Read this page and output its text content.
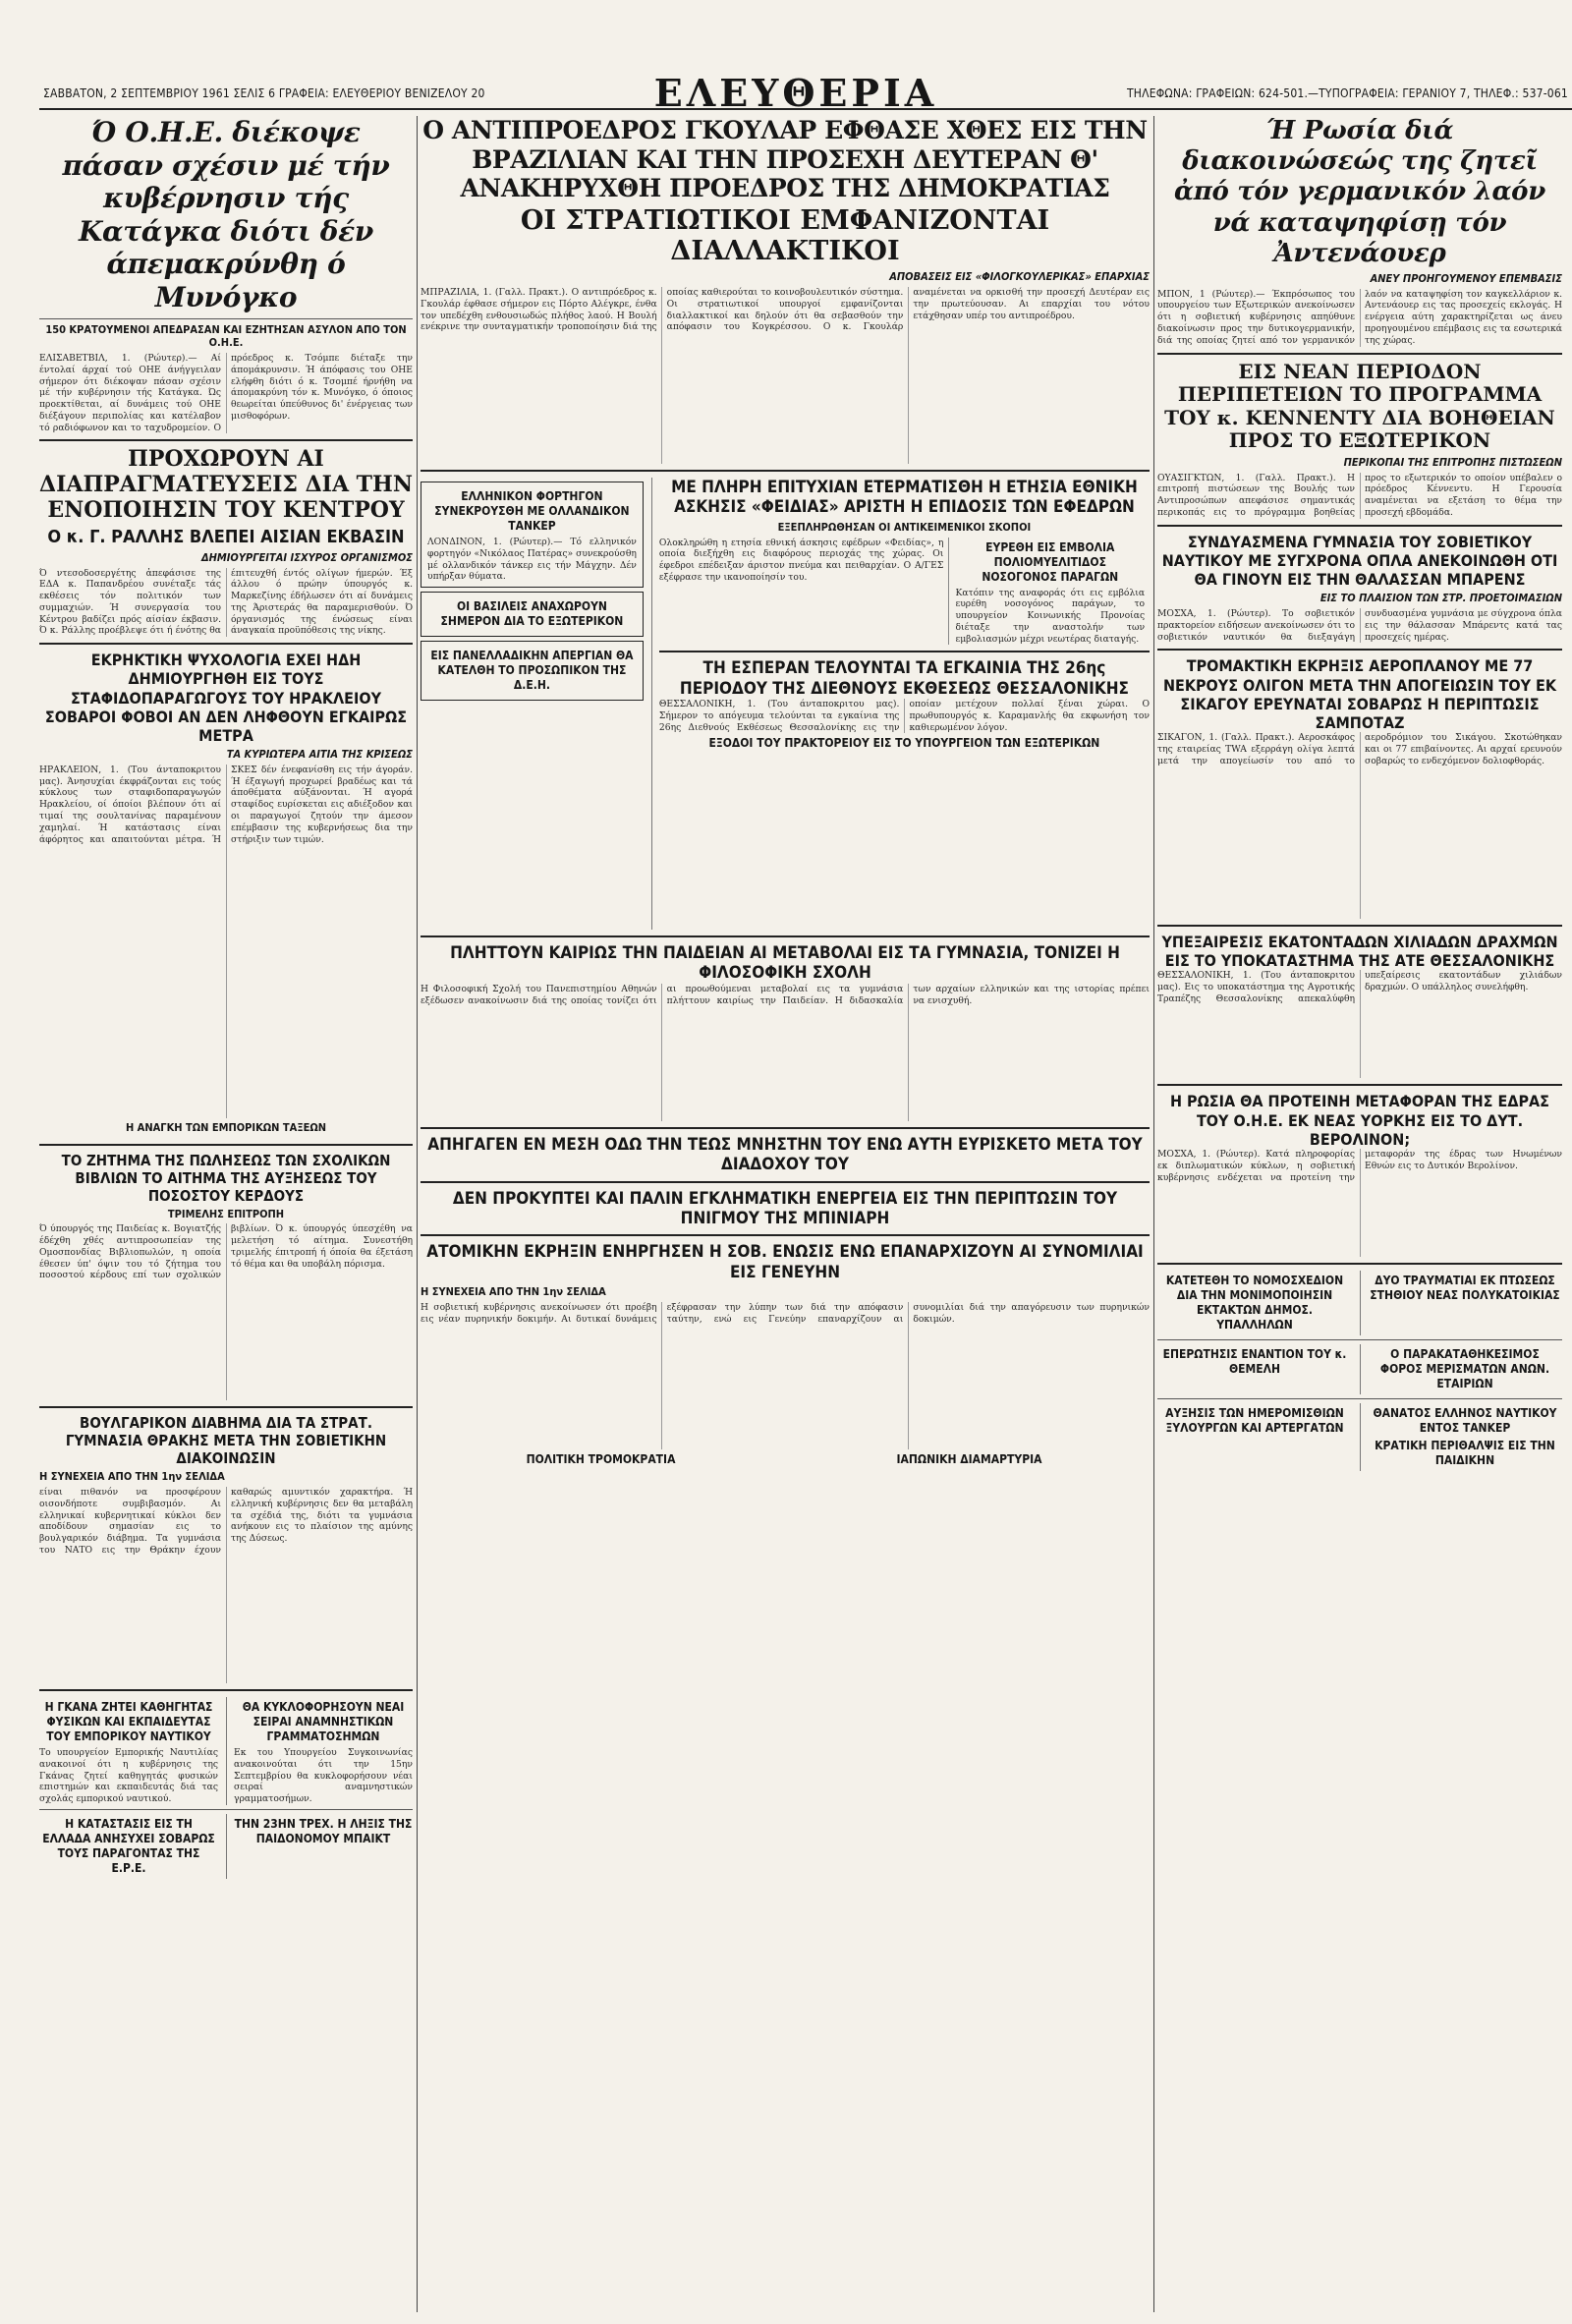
ΣΑΒΒΑΤΟΝ, 2 ΣΕΠΤΕΜΒΡΙΟΥ 1961 ΣΕΛΙΣ 6 ΓΡΑΦΕΙΑ: ΕΛΕΥΘΕΡΙΟΥ ΒΕΝΙΖΕΛΟΥ 20	ΕΛΕΥΘΕΡΙΑ	ΤΗΛΕΦΩΝΑ: ΓΡΑΦΕΙΩΝ: 624-501.—ΤΥΠΟΓΡΑΦΕΙΑ: ΓΕΡΑΝΙΟΥ 7, ΤΗΛΕΦ.: 537-061
Ό Ο.Η.Ε. διέκοψε πάσαν σχέσιν μέ τήν κυβέρνησιν τής Κατάγκα διότι δέν άπεμακρύνθη ό Μυνόγκο
150 ΚΡΑΤΟΥΜΕΝΟΙ ΑΠΕΔΡΑΣΑΝ ΚΑΙ ΕΖΗΤΗΣΑΝ ΑΣΥΛΟΝ ΑΠΟ ΤΟΝ Ο.Η.Ε.
ΕΛΙΣΑΒΕΤΒΙΛ, 1. (Ρώυτερ).— Αί έντολαί άρχαί τού ΟΗΕ άνήγγειλαν σήμερον ότι διέκοψαν πάσαν σχέσιν μέ τήν κυβέρνησιν τής Κατάγκα. Ώς προεκτίθεται, αί δυνάμεις τού ΟΗΕ διέξάγουν περιπολίας και κατέλαβον τό ραδιόφωνον και το ταχυδρομείον. Ο πρόεδρος κ. Τσόμπε διέταξε την άπομάκρυνσιν. Ή άπόφασις του ΟΗΕ ελήφθη διότι ό κ. Τσομπέ ήρνήθη να άπομακρύνη τόν κ. Μυνόγκο, ό όποιος θεωρείται ύπεύθυνος δι' ένέργειας των μισθοφόρων.
ΠΡΟΧΩΡΟΥΝ ΑΙ ΔΙΑΠΡΑΓΜΑΤΕΥΣΕΙΣ ΔΙΑ ΤΗΝ ΕΝΟΠΟΙΗΣΙΝ ΤΟΥ ΚΕΝΤΡΟΥ
Ο κ. Γ. ΡΑΛΛΗΣ ΒΛΕΠΕΙ ΑΙΣΙΑΝ ΕΚΒΑΣΙΝ
ΔΗΜΙΟΥΡΓΕΙΤΑΙ ΙΣΧΥΡΟΣ ΟΡΓΑΝΙΣΜΟΣ
Ό ντεσοδοσεργέτης ἀπεφάσισε της ΕΔΑ κ. Παπανδρέου συνέταξε τάς εκθέσεις τόν πολιτικόν των συμμαχιών. Ή συνεργασία του Κέντρου βαδίζει πρός αίσίαν έκβασιν. Ό κ. Ράλλης προέβλεψε ότι ή ένότης θα έπιτευχθή έντός ολίγων ήμερών. Έξ άλλου ό πρώην ύπουργός κ. Μαρκεζίνης έδήλωσεν ότι αί δυνάμεις της Άριστεράς θα παραμερισθούν. Ό όργανισμός της ένώσεως είναι άναγκαία προϋπόθεσις της νίκης.
ΕΚΡΗΚΤΙΚΗ ΨΥΧΟΛΟΓΙΑ ΕΧΕΙ ΗΔΗ ΔΗΜΙΟΥΡΓΗΘΗ ΕΙΣ ΤΟΥΣ ΣΤΑΦΙΔΟΠΑΡΑΓΩΓΟΥΣ ΤΟΥ ΗΡΑΚΛΕΙΟΥ ΣΟΒΑΡΟΙ ΦΟΒΟΙ ΑΝ ΔΕΝ ΛΗΦΘΟΥΝ ΕΓΚΑΙΡΩΣ ΜΕΤΡΑ
ΤΑ ΚΥΡΙΩΤΕΡΑ ΑΙΤΙΑ ΤΗΣ ΚΡΙΣΕΩΣ
ΗΡΑΚΛΕΙΟΝ, 1. (Του άνταποκριτου μας). Άνησυχίαι έκφράζονται εις τούς κύκλους των σταφιδοπαραγωγών Ηρακλείου, οί όποίοι βλέπουν ότι αί τιμαί της σουλτανίνας παραμένουν χαμηλαί. Ή κατάστασις είναι άφόρητος και απαιτούνται μέτρα. Ή ΣΚΕΣ δέν ένεφανίσθη εις τήν άγοράν. Ή έξαγωγή προχωρεί βραδέως και τά άποθέματα αύξάνονται. Ή αγορά σταφίδος ευρίσκεται εις αδιέξοδον και οι παραγωγοί ζητούν την άμεσον επέμβασιν της κυβερνήσεως δια την στήριξιν των τιμών.
Η ΑΝΑΓΚΗ ΤΩΝ ΕΜΠΟΡΙΚΩΝ ΤΑΞΕΩΝ
ΤΟ ΖΗΤΗΜΑ ΤΗΣ ΠΩΛΗΣΕΩΣ ΤΩΝ ΣΧΟΛΙΚΩΝ ΒΙΒΛΙΩΝ ΤΟ ΑΙΤΗΜΑ ΤΗΣ ΑΥΞΗΣΕΩΣ ΤΟΥ ΠΟΣΟΣΤΟΥ ΚΕΡΔΟΥΣ
ΤΡΙΜΕΛΗΣ ΕΠΙΤΡΟΠΗ
Ό ύπουργός της Παιδείας κ. Βογιατζής έδέχθη χθές αντιπροσωπείαν της Ομοσπονδίας Βιβλιοπωλών, η οποία έθεσεν ύπ' όψιν του τό ζήτημα του ποσοστού κέρδους επί των σχολικών βιβλίων. Ό κ. ύπουργός ύπεσχέθη να μελετήση τό αίτημα. Συνεστήθη τριμελής έπιτροπή ή όποία θα έξετάση τό θέμα και θα υποβάλη πόρισμα.
ΒΟΥΛΓΑΡΙΚΟΝ ΔΙΑΒΗΜΑ ΔΙΑ ΤΑ ΣΤΡΑΤ. ΓΥΜΝΑΣΙΑ ΘΡΑΚΗΣ ΜΕΤΑ ΤΗΝ ΣΟΒΙΕΤΙΚΗΝ ΔΙΑΚΟΙΝΩΣΙΝ
Η ΣΥΝΕΧΕΙΑ ΑΠΟ ΤΗΝ 1ην ΣΕΛΙΔΑ
είναι πιθανόν να προσφέρουν οισονδήποτε συμβιβασμόν. Αι ελληνικαί κυβερνητικαί κύκλοι δεν αποδίδουν σημασίαν εις το βουλγαρικόν διάβημα. Τα γυμνάσια του ΝΑΤΟ εις την Θράκην έχουν καθαρώς αμυντικόν χαρακτήρα. Ή ελληνική κυβέρνησις δεν θα μεταβάλη τα σχέδιά της, διότι τα γυμνάσια ανήκουν εις το πλαίσιον της αμύνης της Δύσεως.
Η ΓΚΑΝΑ ΖΗΤΕΙ ΚΑΘΗΓΗΤΑΣ ΦΥΣΙΚΩΝ ΚΑΙ ΕΚΠΑΙΔΕΥΤΑΣ ΤΟΥ ΕΜΠΟΡΙΚΟΥ ΝΑΥΤΙΚΟΥ
Το υπουργείον Εμπορικής Ναυτιλίας ανακοινοί ότι η κυβέρνησις της Γκάνας ζητεί καθηγητάς φυσικών επιστημών και εκπαιδευτάς διά τας σχολάς εμπορικού ναυτικού.
ΘΑ ΚΥΚΛΟΦΟΡΗΣΟΥΝ ΝΕΑΙ ΣΕΙΡΑΙ ΑΝΑΜΝΗΣΤΙΚΩΝ ΓΡΑΜΜΑΤΟΣΗΜΩΝ
Εκ του Υπουργείου Συγκοινωνίας ανακοινούται ότι την 15ην Σεπτεμβρίου θα κυκλοφορήσουν νέαι σειραί αναμνηστικών γραμματοσήμων.
Η ΚΑΤΑΣΤΑΣΙΣ ΕΙΣ ΤΗ ΕΛΛΑΔΑ ΑΝΗΣΥΧΕΙ ΣΟΒΑΡΩΣ ΤΟΥΣ ΠΑΡΑΓΟΝΤΑΣ ΤΗΣ Ε.Ρ.Ε.
ΤΗΝ 23ΗΝ ΤΡΕΧ. Η ΛΗΞΙΣ ΤΗΣ ΠΑΙΔΟΝΟΜΟΥ ΜΠΑΙΚΤ
Ο ΑΝΤΙΠΡΟΕΔΡΟΣ ΓΚΟΥΛΑΡ ΕΦΘΑΣΕ ΧΘΕΣ ΕΙΣ ΤΗΝ ΒΡΑΖΙΛΙΑΝ ΚΑΙ ΤΗΝ ΠΡΟΣΕΧΗ ΔΕΥΤΕΡΑΝ Θ' ΑΝΑΚΗΡΥΧΘΗ ΠΡΟΕΔΡΟΣ ΤΗΣ ΔΗΜΟΚΡΑΤΙΑΣ
ΟΙ ΣΤΡΑΤΙΩΤΙΚΟΙ ΕΜΦΑΝΙΖΟΝΤΑΙ ΔΙΑΛΛΑΚΤΙΚΟΙ
ΑΠΟΒΑΣΕΙΣ ΕΙΣ «ΦΙΛΟΓΚΟΥΛΕΡΙΚΑΣ» ΕΠΑΡΧΙΑΣ
ΜΠΡΑΖΙΛΙΑ, 1. (Γαλλ. Πρακτ.). Ο αντιπρόεδρος κ. Γκουλάρ έφθασε σήμερον εις Πόρτο Αλέγκρε, ένθα τον υπεδέχθη ενθουσιωδώς πλήθος λαού. Η Βουλή ενέκρινε την συνταγματικήν τροποποίησιν διά της οποίας καθιερούται το κοινοβουλευτικόν σύστημα. Οι στρατιωτικοί υπουργοί εμφανίζονται διαλλακτικοί και δηλούν ότι θα σεβασθούν την απόφασιν του Κογκρέσσου. Ο κ. Γκουλάρ αναμένεται να ορκισθή την προσεχή Δευτέραν εις την πρωτεύουσαν. Αι επαρχίαι του νότου ετάχθησαν υπέρ του αντιπροέδρου.
ΕΛΛΗΝΙΚΟΝ ΦΟΡΤΗΓΟΝ ΣΥΝΕΚΡΟΥΣΘΗ ΜΕ ΟΛΛΑΝΔΙΚΟΝ ΤΑΝΚΕΡ
ΛΟΝΔΙΝΟΝ, 1. (Ρώυτερ).— Τό ελληνικόν φορτηγόν «Νικόλαος Πατέρας» συνεκρούσθη μέ ολλανδικόν τάνκερ εις τήν Μάγχην. Δέν υπήρξαν θύματα.
ΟΙ ΒΑΣΙΛΕΙΣ ΑΝΑΧΩΡΟΥΝ ΣΗΜΕΡΟΝ ΔΙΑ ΤΟ ΕΞΩΤΕΡΙΚΟΝ
ΕΙΣ ΠΑΝΕΛΛΑΔΙΚΗΝ ΑΠΕΡΓΙΑΝ ΘΑ ΚΑΤΕΛΘΗ ΤΟ ΠΡΟΣΩΠΙΚΟΝ ΤΗΣ Δ.Ε.Η.
ΜΕ ΠΛΗΡΗ ΕΠΙΤΥΧΙΑΝ ΕΤΕΡΜΑΤΙΣΘΗ Η ΕΤΗΣΙΑ ΕΘΝΙΚΗ ΑΣΚΗΣΙΣ «ΦΕΙΔΙΑΣ» ΑΡΙΣΤΗ Η ΕΠΙΔΟΣΙΣ ΤΩΝ ΕΦΕΔΡΩΝ
ΕΞΕΠΛΗΡΩΘΗΣΑΝ ΟΙ ΑΝΤΙΚΕΙΜΕΝΙΚΟΙ ΣΚΟΠΟΙ
Ολοκληρώθη η ετησία εθνική άσκησις εφέδρων «Φειδίας», η οποία διεξήχθη εις διαφόρους περιοχάς της χώρας. Οι έφεδροι επέδειξαν άριστον πνεύμα και πειθαρχίαν. Ο Α/ΓΕΣ εξέφρασε την ικανοποίησίν του.
ΕΥΡΕΘΗ ΕΙΣ ΕΜΒΟΛΙΑ ΠΟΛΙΟΜΥΕΛΙΤΙΔΟΣ ΝΟΣΟΓΟΝΟΣ ΠΑΡΑΓΩΝ
Κατόπιν της αναφοράς ότι εις εμβόλια ευρέθη νοσογόνος παράγων, το υπουργείον Κοινωνικής Προνοίας διέταξε την αναστολήν των εμβολιασμών μέχρι νεωτέρας διαταγής.
ΤΗ ΕΣΠΕΡΑΝ ΤΕΛΟΥΝΤΑΙ ΤΑ ΕΓΚΑΙΝΙΑ ΤΗΣ 26ης ΠΕΡΙΟΔΟΥ ΤΗΣ ΔΙΕΘΝΟΥΣ ΕΚΘΕΣΕΩΣ ΘΕΣΣΑΛΟΝΙΚΗΣ
ΘΕΣΣΑΛΟΝΙΚΗ, 1. (Του άνταποκριτου μας). Σήμερον το απόγευμα τελούνται τα εγκαίνια της 26ης Διεθνούς Εκθέσεως Θεσσαλονίκης εις την οποίαν μετέχουν πολλαί ξέναι χώραι. Ο πρωθυπουργός κ. Καραμανλής θα εκφωνήση τον καθιερωμένον λόγον.
ΕΞΟΔΟΙ ΤΟΥ ΠΡΑΚΤΟΡΕΙΟΥ ΕΙΣ ΤΟ ΥΠΟΥΡΓΕΙΟΝ ΤΩΝ ΕΞΩΤΕΡΙΚΩΝ
ΠΛΗΤΤΟΥΝ ΚΑΙΡΙΩΣ ΤΗΝ ΠΑΙΔΕΙΑΝ ΑΙ ΜΕΤΑΒΟΛΑΙ ΕΙΣ ΤΑ ΓΥΜΝΑΣΙΑ, ΤΟΝΙΖΕΙ Η ΦΙΛΟΣΟΦΙΚΗ ΣΧΟΛΗ
Η Φιλοσοφική Σχολή του Πανεπιστημίου Αθηνών εξέδωσεν ανακοίνωσιν διά της οποίας τονίζει ότι αι προωθούμεναι μεταβολαί εις τα γυμνάσια πλήττουν καιρίως την Παιδείαν. Η διδασκαλία των αρχαίων ελληνικών και της ιστορίας πρέπει να ενισχυθή.
ΑΠΗΓΑΓΕΝ ΕΝ ΜΕΣΗ ΟΔΩ ΤΗΝ ΤΕΩΣ ΜΝΗΣΤΗΝ ΤΟΥ ΕΝΩ ΑΥΤΗ ΕΥΡΙΣΚΕΤΟ ΜΕΤΑ ΤΟΥ ΔΙΑΔΟΧΟΥ ΤΟΥ
ΔΕΝ ΠΡΟΚΥΠΤΕΙ ΚΑΙ ΠΑΛΙΝ ΕΓΚΛΗΜΑΤΙΚΗ ΕΝΕΡΓΕΙΑ ΕΙΣ ΤΗΝ ΠΕΡΙΠΤΩΣΙΝ ΤΟΥ ΠΝΙΓΜΟΥ ΤΗΣ ΜΠΙΝΙΑΡΗ
ΑΤΟΜΙΚΗΝ ΕΚΡΗΞΙΝ ΕΝΗΡΓΗΣΕΝ Η ΣΟΒ. ΕΝΩΣΙΣ ΕΝΩ ΕΠΑΝΑΡΧΙΖΟΥΝ ΑΙ ΣΥΝΟΜΙΛΙΑΙ ΕΙΣ ΓΕΝΕΥΗΝ
Η ΣΥΝΕΧΕΙΑ ΑΠΟ ΤΗΝ 1ην ΣΕΛΙΔΑ
Η σοβιετική κυβέρνησις ανεκοίνωσεν ότι προέβη εις νέαν πυρηνικήν δοκιμήν. Αι δυτικαί δυνάμεις εξέφρασαν την λύπην των διά την απόφασιν ταύτην, ενώ εις Γενεύην επαναρχίζουν αι συνομιλίαι διά την απαγόρευσιν των πυρηνικών δοκιμών.
ΠΟΛΙΤΙΚΗ ΤΡΟΜΟΚΡΑΤΙΑ	ΙΑΠΩΝΙΚΗ ΔΙΑΜΑΡΤΥΡΙΑ
Ή Ρωσία διά διακοινώσεώς της ζητεῖ ἀπό τόν γερμανικόν λαόν νά καταψηφίσῃ τόν Ἀντενάουερ
ΑΝΕΥ ΠΡΟΗΓΟΥΜΕΝΟΥ ΕΠΕΜΒΑΣΙΣ
ΜΠΟΝ, 1 (Ρώυτερ).— Έκπρόσωπος του υπουργείου των Εξωτερικών ανεκοίνωσεν ότι η σοβιετική κυβέρνησις απηύθυνε διακοίνωσιν προς την δυτικογερμανικήν, διά της οποίας ζητεί από τον γερμανικόν λαόν να καταψηφίση τον καγκελλάριον κ. Αντενάουερ εις τας προσεχείς εκλογάς. Η ενέργεια αύτη χαρακτηρίζεται ως άνευ προηγουμένου επέμβασις εις τα εσωτερικά της χώρας.
ΕΙΣ ΝΕΑΝ ΠΕΡΙΟΔΟΝ ΠΕΡΙΠΕΤΕΙΩΝ ΤΟ ΠΡΟΓΡΑΜΜΑ ΤΟΥ κ. ΚΕΝΝΕΝΤΥ ΔΙΑ ΒΟΗΘΕΙΑΝ ΠΡΟΣ ΤΟ ΕΞΩΤΕΡΙΚΟΝ
ΠΕΡΙΚΟΠΑΙ ΤΗΣ ΕΠΙΤΡΟΠΗΣ ΠΙΣΤΩΣΕΩΝ
ΟΥΑΣΙΓΚΤΩΝ, 1. (Γαλλ. Πρακτ.). Η επιτροπή πιστώσεων της Βουλής των Αντιπροσώπων απεφάσισε σημαντικάς περικοπάς εις το πρόγραμμα βοηθείας προς το εξωτερικόν το οποίον υπέβαλεν ο πρόεδρος Κέννεντυ. Η Γερουσία αναμένεται να εξετάση το θέμα την προσεχή εβδομάδα.
ΣΥΝΔΥΑΣΜΕΝΑ ΓΥΜΝΑΣΙΑ ΤΟΥ ΣΟΒΙΕΤΙΚΟΥ ΝΑΥΤΙΚΟΥ ΜΕ ΣΥΓΧΡΟΝΑ ΟΠΛΑ ΑΝΕΚΟΙΝΩΘΗ ΟΤΙ ΘΑ ΓΙΝΟΥΝ ΕΙΣ ΤΗΝ ΘΑΛΑΣΣΑΝ ΜΠΑΡΕΝΣ
ΕΙΣ ΤΟ ΠΛΑΙΣΙΟΝ ΤΩΝ ΣΤΡ. ΠΡΟΕΤΟΙΜΑΣΙΩΝ
ΜΟΣΧΑ, 1. (Ρώυτερ). Το σοβιετικόν πρακτορείον ειδήσεων ανεκοίνωσεν ότι το σοβιετικόν ναυτικόν θα διεξαγάγη συνδυασμένα γυμνάσια με σύγχρονα όπλα εις την θάλασσαν Μπάρεντς κατά τας προσεχείς ημέρας.
ΤΡΟΜΑΚΤΙΚΗ ΕΚΡΗΞΙΣ ΑΕΡΟΠΛΑΝΟΥ ΜΕ 77 ΝΕΚΡΟΥΣ ΟΛΙΓΟΝ ΜΕΤΑ ΤΗΝ ΑΠΟΓΕΙΩΣΙΝ ΤΟΥ ΕΚ ΣΙΚΑΓΟΥ ΕΡΕΥΝΑΤΑΙ ΣΟΒΑΡΩΣ Η ΠΕΡΙΠΤΩΣΙΣ ΣΑΜΠΟΤΑΖ
ΣΙΚΑΓΟΝ, 1. (Γαλλ. Πρακτ.). Αεροσκάφος της εταιρείας TWA εξερράγη ολίγα λεπτά μετά την απογείωσίν του από το αεροδρόμιον του Σικάγου. Σκοτώθηκαν και οι 77 επιβαίνοντες. Αι αρχαί ερευνούν σοβαρώς το ενδεχόμενον δολιοφθοράς.
ΥΠΕΞΑΙΡΕΣΙΣ ΕΚΑΤΟΝΤΑΔΩΝ ΧΙΛΙΑΔΩΝ ΔΡΑΧΜΩΝ ΕΙΣ ΤΟ ΥΠΟΚΑΤΑΣΤΗΜΑ ΤΗΣ ΑΤΕ ΘΕΣΣΑΛΟΝΙΚΗΣ
ΘΕΣΣΑΛΟΝΙΚΗ, 1. (Του άνταποκριτου μας). Εις το υποκατάστημα της Αγροτικής Τραπέζης Θεσσαλονίκης απεκαλύφθη υπεξαίρεσις εκατοντάδων χιλιάδων δραχμών. Ο υπάλληλος συνελήφθη.
Η ΡΩΣΙΑ ΘΑ ΠΡΟΤΕΙΝΗ ΜΕΤΑΦΟΡΑΝ ΤΗΣ ΕΔΡΑΣ ΤΟΥ Ο.Η.Ε. ΕΚ ΝΕΑΣ ΥΟΡΚΗΣ ΕΙΣ ΤΟ ΔΥΤ. ΒΕΡΟΛΙΝΟΝ;
ΜΟΣΧΑ, 1. (Ρώυτερ). Κατά πληροφορίας εκ διπλωματικών κύκλων, η σοβιετική κυβέρνησις ενδέχεται να προτείνη την μεταφοράν της έδρας των Ηνωμένων Εθνών εις το Δυτικόν Βερολίνον.
ΚΑΤΕΤΕΘΗ ΤΟ ΝΟΜΟΣΧΕΔΙΟΝ ΔΙΑ ΤΗΝ ΜΟΝΙΜΟΠΟΙΗΣΙΝ ΕΚΤΑΚΤΩΝ ΔΗΜΟΣ. ΥΠΑΛΛΗΛΩΝ
ΔΥΟ ΤΡΑΥΜΑΤΙΑΙ ΕΚ ΠΤΩΣΕΩΣ ΣΤΗΘΙΟΥ ΝΕΑΣ ΠΟΛΥΚΑΤΟΙΚΙΑΣ
ΕΠΕΡΩΤΗΣΙΣ ΕΝΑΝΤΙΟΝ ΤΟΥ κ. ΘΕΜΕΛΗ
Ο ΠΑΡΑΚΑΤΑΘΗΚΕΣΙΜΟΣ ΦΟΡΟΣ ΜΕΡΙΣΜΑΤΩΝ ΑΝΩΝ. ΕΤΑΙΡΙΩΝ
ΑΥΞΗΣΙΣ ΤΩΝ ΗΜΕΡΟΜΙΣΘΙΩΝ ΞΥΛΟΥΡΓΩΝ ΚΑΙ ΑΡΤΕΡΓΑΤΩΝ
ΘΑΝΑΤΟΣ ΕΛΛΗΝΟΣ ΝΑΥΤΙΚΟΥ ΕΝΤΟΣ ΤΑΝΚΕΡ
ΚΡΑΤΙΚΗ ΠΕΡΙΘΑΛΨΙΣ ΕΙΣ ΤΗΝ ΠΑΙΔΙΚΗΝ
